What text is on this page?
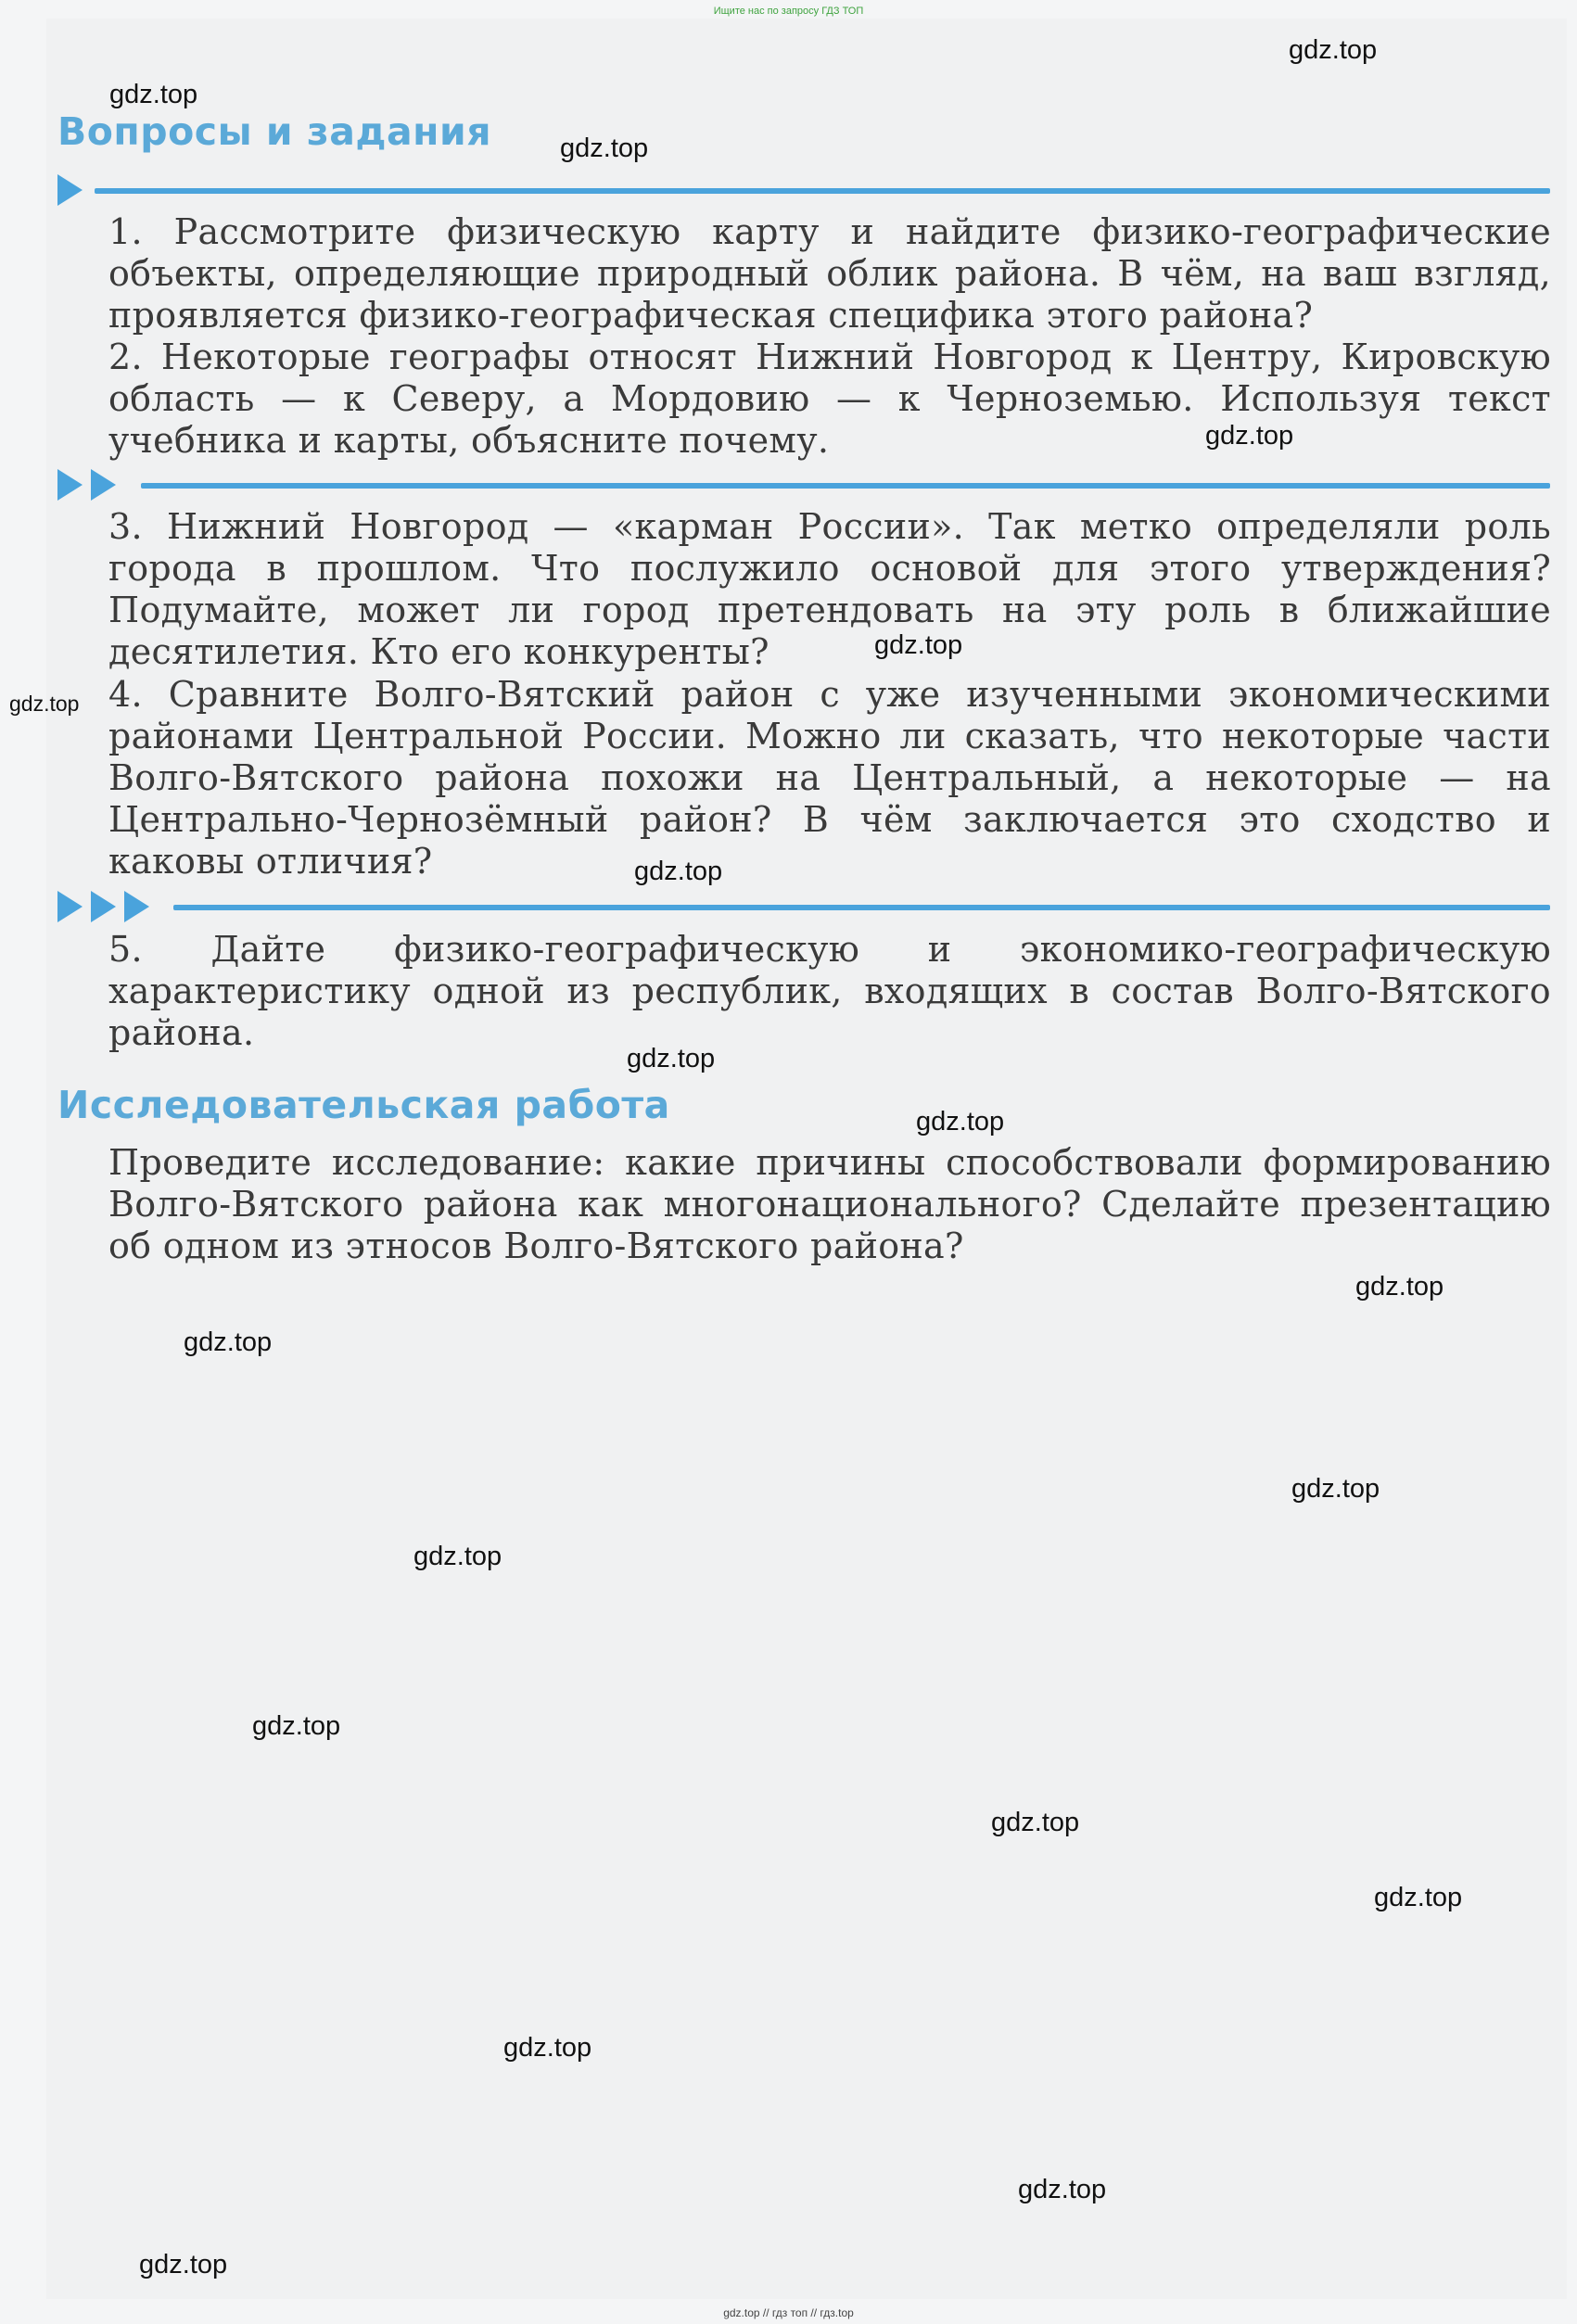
Ищите нас по запросу ГДЗ ТОП
Вопросы и задания
1. Рассмотрите физическую карту и найдите физико-географические объекты, определяющие природный облик района. В чём, на ваш взгляд, проявляется физико-географическая специфика этого района?
2. Некоторые географы относят Нижний Новгород к Центру, Кировскую область — к Северу, а Мордовию — к Черноземью. Используя текст учебника и карты, объясните почему.
3. Нижний Новгород — «карман России». Так метко определяли роль города в прошлом. Что послужило основой для этого утверждения? Подумайте, может ли город претендовать на эту роль в ближайшие десятилетия. Кто его конкуренты?
4. Сравните Волго-Вятский район с уже изученными экономическими районами Центральной России. Можно ли сказать, что некоторые части Волго-Вятского района похожи на Центральный, а некоторые — на Центрально-Чернозёмный район? В чём заключается это сходство и каковы отличия?
5. Дайте физико-географическую и экономико-географическую характеристику одной из республик, входящих в состав Волго-Вятского района.
Исследовательская работа
Проведите исследование: какие причины способствовали формированию Волго-Вятского района как многонационального? Сделайте презентацию об одном из этносов Волго-Вятского района?
gdz.top
gdz.top
gdz.top
gdz.top
gdz.top
gdz.top
gdz.top
gdz.top
gdz.top
gdz.top
gdz.top
gdz.top
gdz.top
gdz.top
gdz.top
gdz.top
gdz.top
gdz.top
gdz.top
gdz.top // гдз топ // гдз.top
